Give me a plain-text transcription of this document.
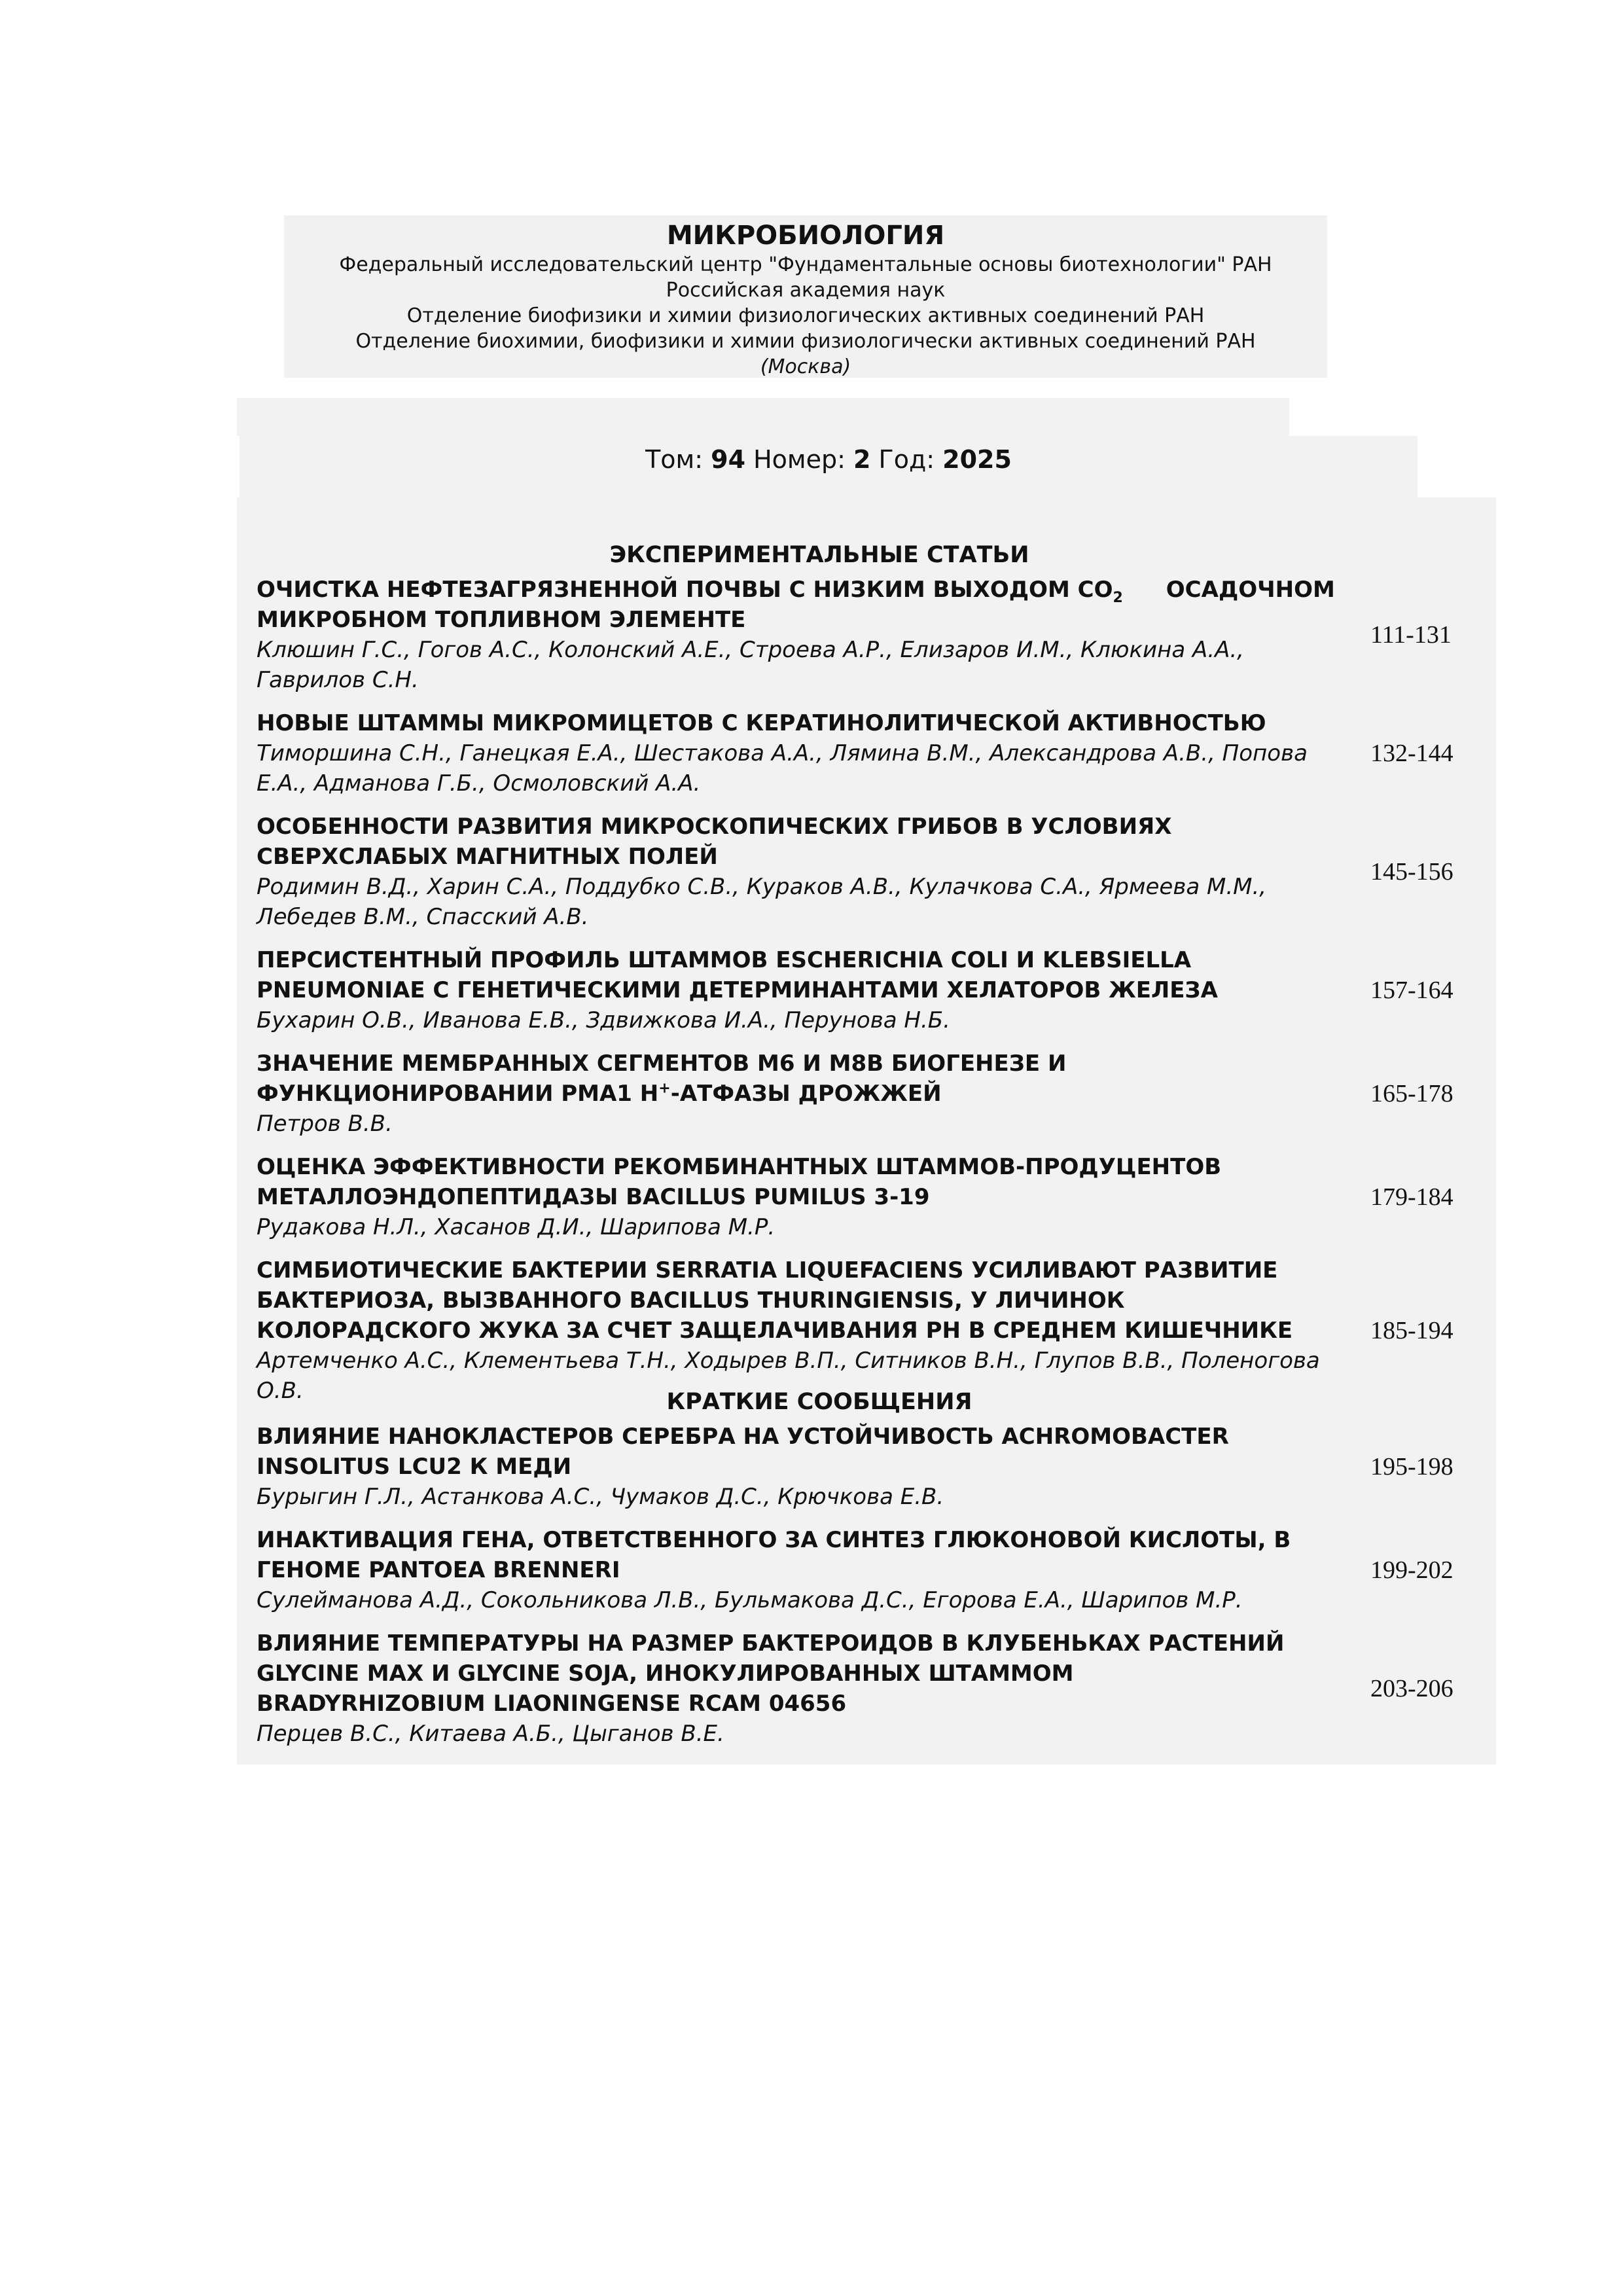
МИКРОБИОЛОГИЯ
Федеральный исследовательский центр "Фундаментальные основы биотехнологии" РАН
Российская академия наук
Отделение биофизики и химии физиологических активных соединений РАН
Отделение биохимии, биофизики и химии физиологически активных соединений РАН
(Москва)
Том: 94 Номер: 2 Год: 2025
ЭКСПЕРИМЕНТАЛЬНЫЕ СТАТЬИ
ОЧИСТКА НЕФТЕЗАГРЯЗНЕННОЙ ПОЧВЫ С НИЗКИМ ВЫХОДОМ $CO_2$ ОСАДОЧНОМ
МИКРОБНОМ ТОПЛИВНОМ ЭЛЕМЕНТЕ
Клюшин Г.С., Гогов А.С., Колонский А.Е., Строева А.Р., Елизаров И.М., Клюкина А.А.,
Гаврилов С.Н.
111-131
НОВЫЕ ШТАММЫ МИКРОМИЦЕТОВ С КЕРАТИНОЛИТИЧЕСКОЙ АКТИВНОСТЬЮ
Тиморшина С.Н., Ганецкая Е.А., Шестакова А.А., Лямина В.М., Александрова А.В., Попова
Е.А., Адманова Г.Б., Осмоловский А.А.
132-144
ОСОБЕННОСТИ РАЗВИТИЯ МИКРОСКОПИЧЕСКИХ ГРИБОВ В УСЛОВИЯХ
СВЕРХСЛАБЫХ МАГНИТНЫХ ПОЛЕЙ
Родимин В.Д., Харин С.А., Поддубко С.В., Кураков А.В., Кулачкова С.А., Ярмеева М.М.,
Лебедев В.М., Спасский А.В.
145-156
ПЕРСИСТЕНТНЫЙ ПРОФИЛЬ ШТАММОВ ESCHERICHIA COLI И KLEBSIELLA
PNEUMONIAE С ГЕНЕТИЧЕСКИМИ ДЕТЕРМИНАНТАМИ ХЕЛАТОРОВ ЖЕЛЕЗА
Бухарин О.В., Иванова Е.В., Здвижкова И.А., Перунова Н.Б.
157-164
ЗНАЧЕНИЕ МЕМБРАННЫХ СЕГМЕНТОВ М6 И М8В БИОГЕНЕЗЕ И
ФУНКЦИОНИРОВАНИИ PMA1 H+-АТФАЗЫ ДРОЖЖЕЙ
Петров В.В.
165-178
ОЦЕНКА ЭФФЕКТИВНОСТИ РЕКОМБИНАНТНЫХ ШТАММОВ-ПРОДУЦЕНТОВ
МЕТАЛЛОЭНДОПЕПТИДАЗЫ BACILLUS PUMILUS 3-19
Рудакова Н.Л., Хасанов Д.И., Шарипова М.Р.
179-184
СИМБИОТИЧЕСКИЕ БАКТЕРИИ SERRATIA LIQUEFACIENS УСИЛИВАЮТ РАЗВИТИЕ
БАКТЕРИОЗА, ВЫЗВАННОГО BACILLUS THURINGIENSIS, У ЛИЧИНОК
КОЛОРАДСКОГО ЖУКА ЗА СЧЕТ ЗАЩЕЛАЧИВАНИЯ PH В СРЕДНЕМ КИШЕЧНИКЕ
Артемченко А.С., Клементьева Т.Н., Ходырев В.П., Ситников В.Н., Глупов В.В., Поленогова
О.В.
185-194
КРАТКИЕ СООБЩЕНИЯ
ВЛИЯНИЕ НАНОКЛАСТЕРОВ СЕРЕБРА НА УСТОЙЧИВОСТЬ ACHROMOBACTER
INSOLITUS LCU2 К МЕДИ
Бурыгин Г.Л., Астанкова А.С., Чумаков Д.С., Крючкова Е.В.
195-198
ИНАКТИВАЦИЯ ГЕНА, ОТВЕТСТВЕННОГО ЗА СИНТЕЗ ГЛЮКОНОВОЙ КИСЛОТЫ, В
ГЕНОМЕ PANTOEA BRENNERI
Сулейманова А.Д., Сокольникова Л.В., Бульмакова Д.С., Егорова Е.А., Шарипов М.Р.
199-202
ВЛИЯНИЕ ТЕМПЕРАТУРЫ НА РАЗМЕР БАКТЕРОИДОВ В КЛУБЕНЬКАХ РАСТЕНИЙ
GLYCINE MAX И GLYCINE SOJA, ИНОКУЛИРОВАННЫХ ШТАММОМ
BRADYRHIZOBIUM LIAONINGENSE RCAM 04656
Перцев В.С., Китаева А.Б., Цыганов В.Е.
203-206
